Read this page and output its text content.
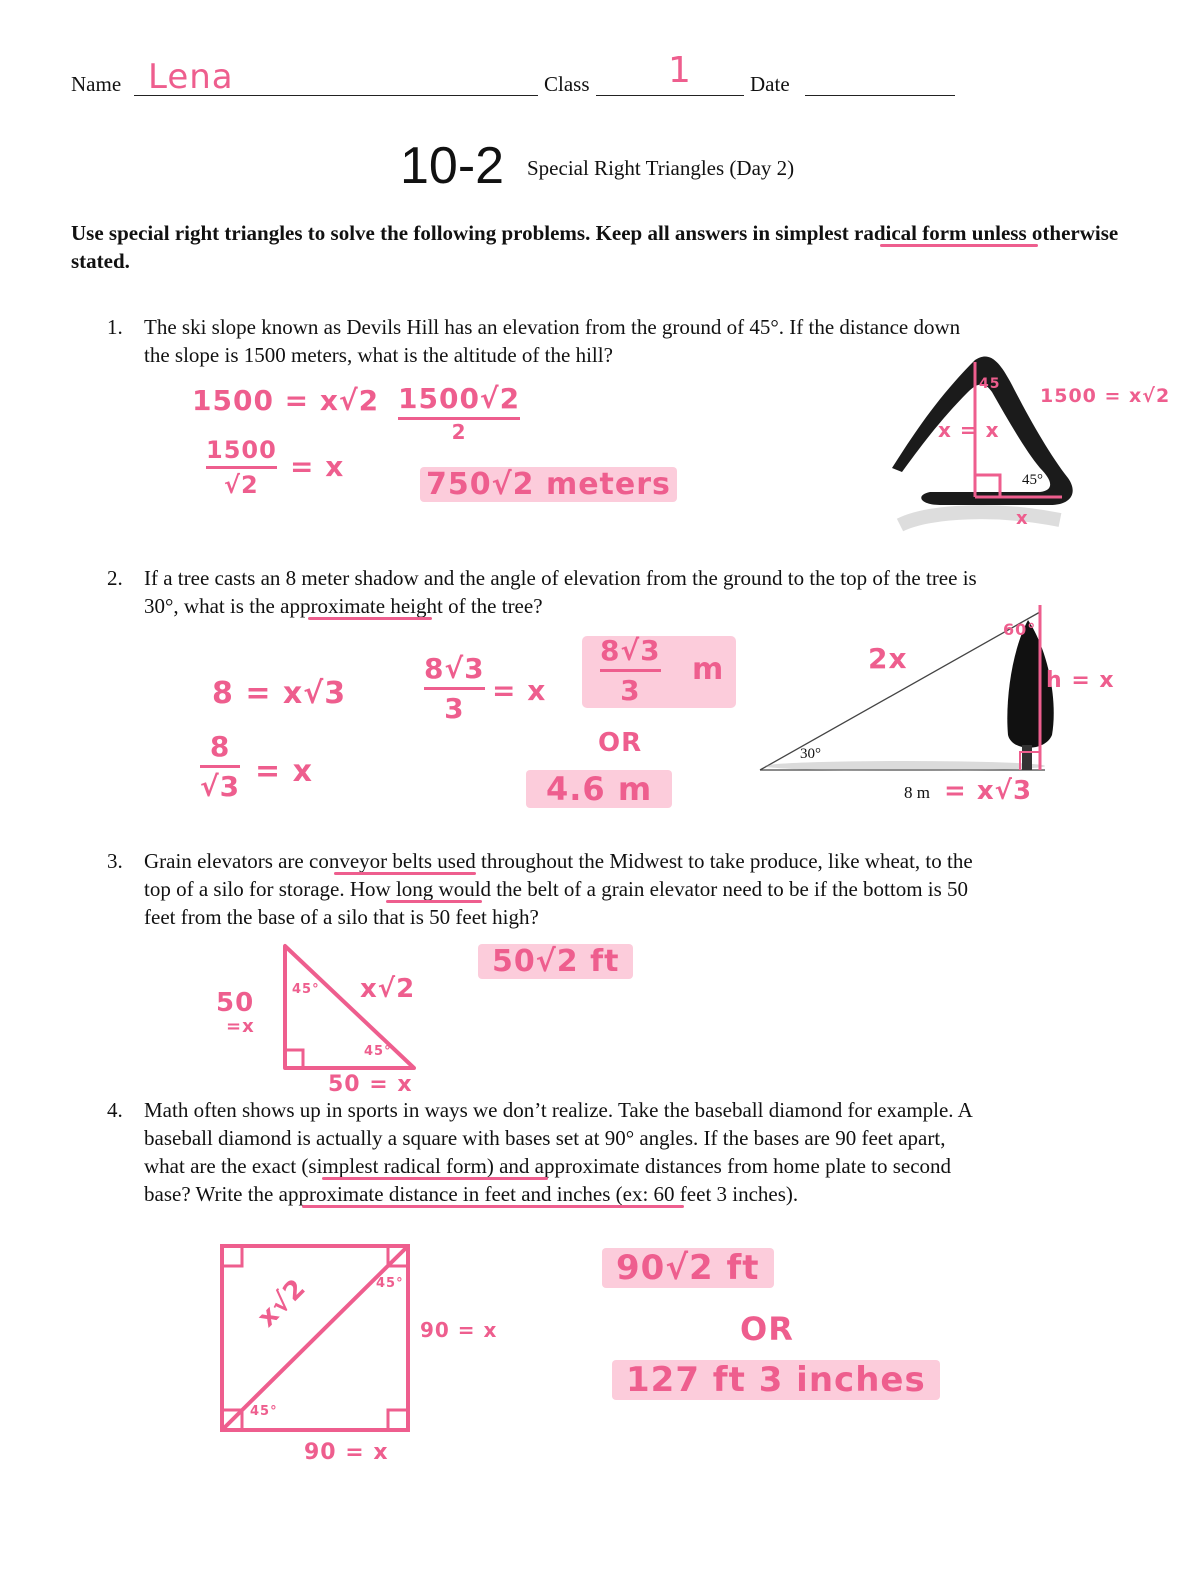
Name Lena	Class 1	Date
10-2 Special Right Triangles (Day 2)
Use special right triangles to solve the following problems. Keep all answers in simplest radical form unless otherwise stated.
1. The ski slope known as Devils Hill has an elevation from the ground of 45°. If the distance down
the slope is 1500 meters, what is the altitude of the hill?
1500 = x√2 1500√2
2
1500
√2
= x
750√2 meters
1500 = x√2
45
x = x
45°
x
2. If a tree casts an 8 meter shadow and the angle of elevation from the ground to the top of the tree is
30°, what is the approximate height of the tree?
8 = x√3
8
√3 = x
8√3
3
= x
8√3
3
m
OR
4.6 m
2x
60°
h = x
30°
8 m = x√3
3. Grain elevators are conveyor belts used throughout the Midwest to take produce, like wheat, to the
top of a silo for storage. How long would the belt of a grain elevator need to be if the bottom is 50
feet from the base of a silo that is 50 feet high?
50√2 ft
50
=x
x√2
45°
45°
50 = x
4. Math often shows up in sports in ways we don’t realize. Take the baseball diamond for example. A
baseball diamond is actually a square with bases set at 90° angles. If the bases are 90 feet apart,
what are the exact (simplest radical form) and approximate distances from home plate to second
base? Write the approximate distance in feet and inches (ex: 60 feet 3 inches).
x√2	45°
45°
90 = x
90 = x
90√2 ft
OR
127 ft 3 inches
